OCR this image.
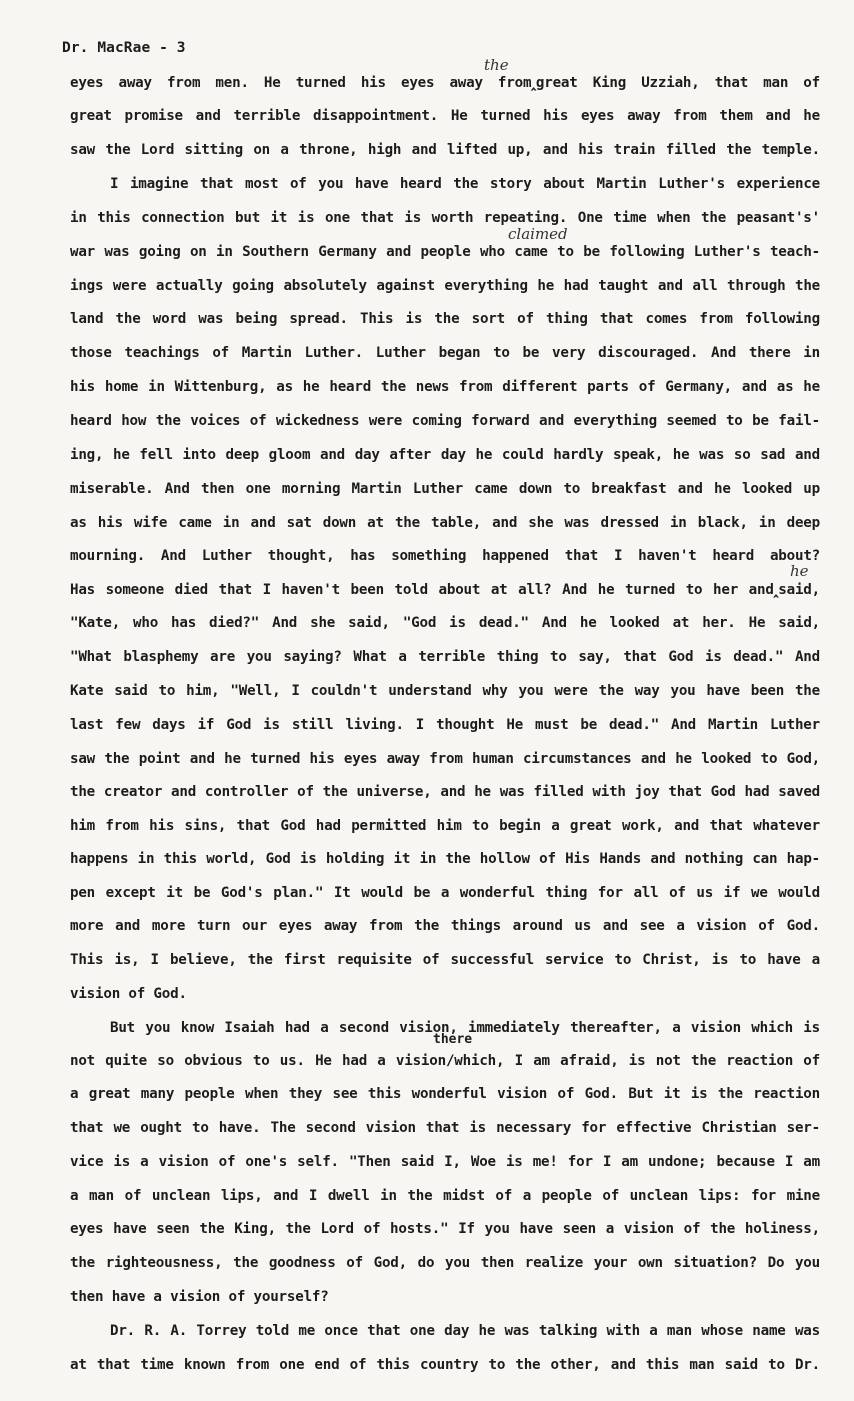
Dr. MacRae - 3
the
claimed
he
there
eyes away from men. He turned his eyes away from‸great King Uzziah, that man of
great promise and terrible disappointment. He turned his eyes away from them and he
saw the Lord sitting on a throne, high and lifted up, and his train filled the temple.
I imagine that most of you have heard the story about Martin Luther's experience
in this connection but it is one that is worth repeating. One time when the peasant's'
war was going on in Southern Germany and people who came to be following Luther's teach-
ings were actually going absolutely against everything he had taught and all through the
land the word was being spread. This is the sort of thing that comes from following
those teachings of Martin Luther. Luther began to be very discouraged. And there in
his home in Wittenburg, as he heard the news from different parts of Germany, and as he
heard how the voices of wickedness were coming forward and everything seemed to be fail-
ing, he fell into deep gloom and day after day he could hardly speak, he was so sad and
miserable. And then one morning Martin Luther came down to breakfast and he looked up
as his wife came in and sat down at the table, and she was dressed in black, in deep
mourning. And Luther thought, has something happened that I haven't heard about?
Has someone died that I haven't been told about at all? And he turned to her and‸said,
"Kate, who has died?" And she said, "God is dead." And he looked at her. He said,
"What blasphemy are you saying? What a terrible thing to say, that God is dead." And
Kate said to him, "Well, I couldn't understand why you were the way you have been the
last few days if God is still living. I thought He must be dead." And Martin Luther
saw the point and he turned his eyes away from human circumstances and he looked to God,
the creator and controller of the universe, and he was filled with joy that God had saved
him from his sins, that God had permitted him to begin a great work, and that whatever
happens in this world, God is holding it in the hollow of His Hands and nothing can hap-
pen except it be God's plan." It would be a wonderful thing for all of us if we would
more and more turn our eyes away from the things around us and see a vision of God.
This is, I believe, the first requisite of successful service to Christ, is to have a
vision of God.
But you know Isaiah had a second vision, immediately thereafter, a vision which is
not quite so obvious to us. He had a vision/which, I am afraid, is not the reaction of
a great many people when they see this wonderful vision of God. But it is the reaction
that we ought to have. The second vision that is necessary for effective Christian ser-
vice is a vision of one's self. "Then said I, Woe is me! for I am undone; because I am
a man of unclean lips, and I dwell in the midst of a people of unclean lips: for mine
eyes have seen the King, the Lord of hosts." If you have seen a vision of the holiness,
the righteousness, the goodness of God, do you then realize your own situation? Do you
then have a vision of yourself?
Dr. R. A. Torrey told me once that one day he was talking with a man whose name was
at that time known from one end of this country to the other, and this man said to Dr.
